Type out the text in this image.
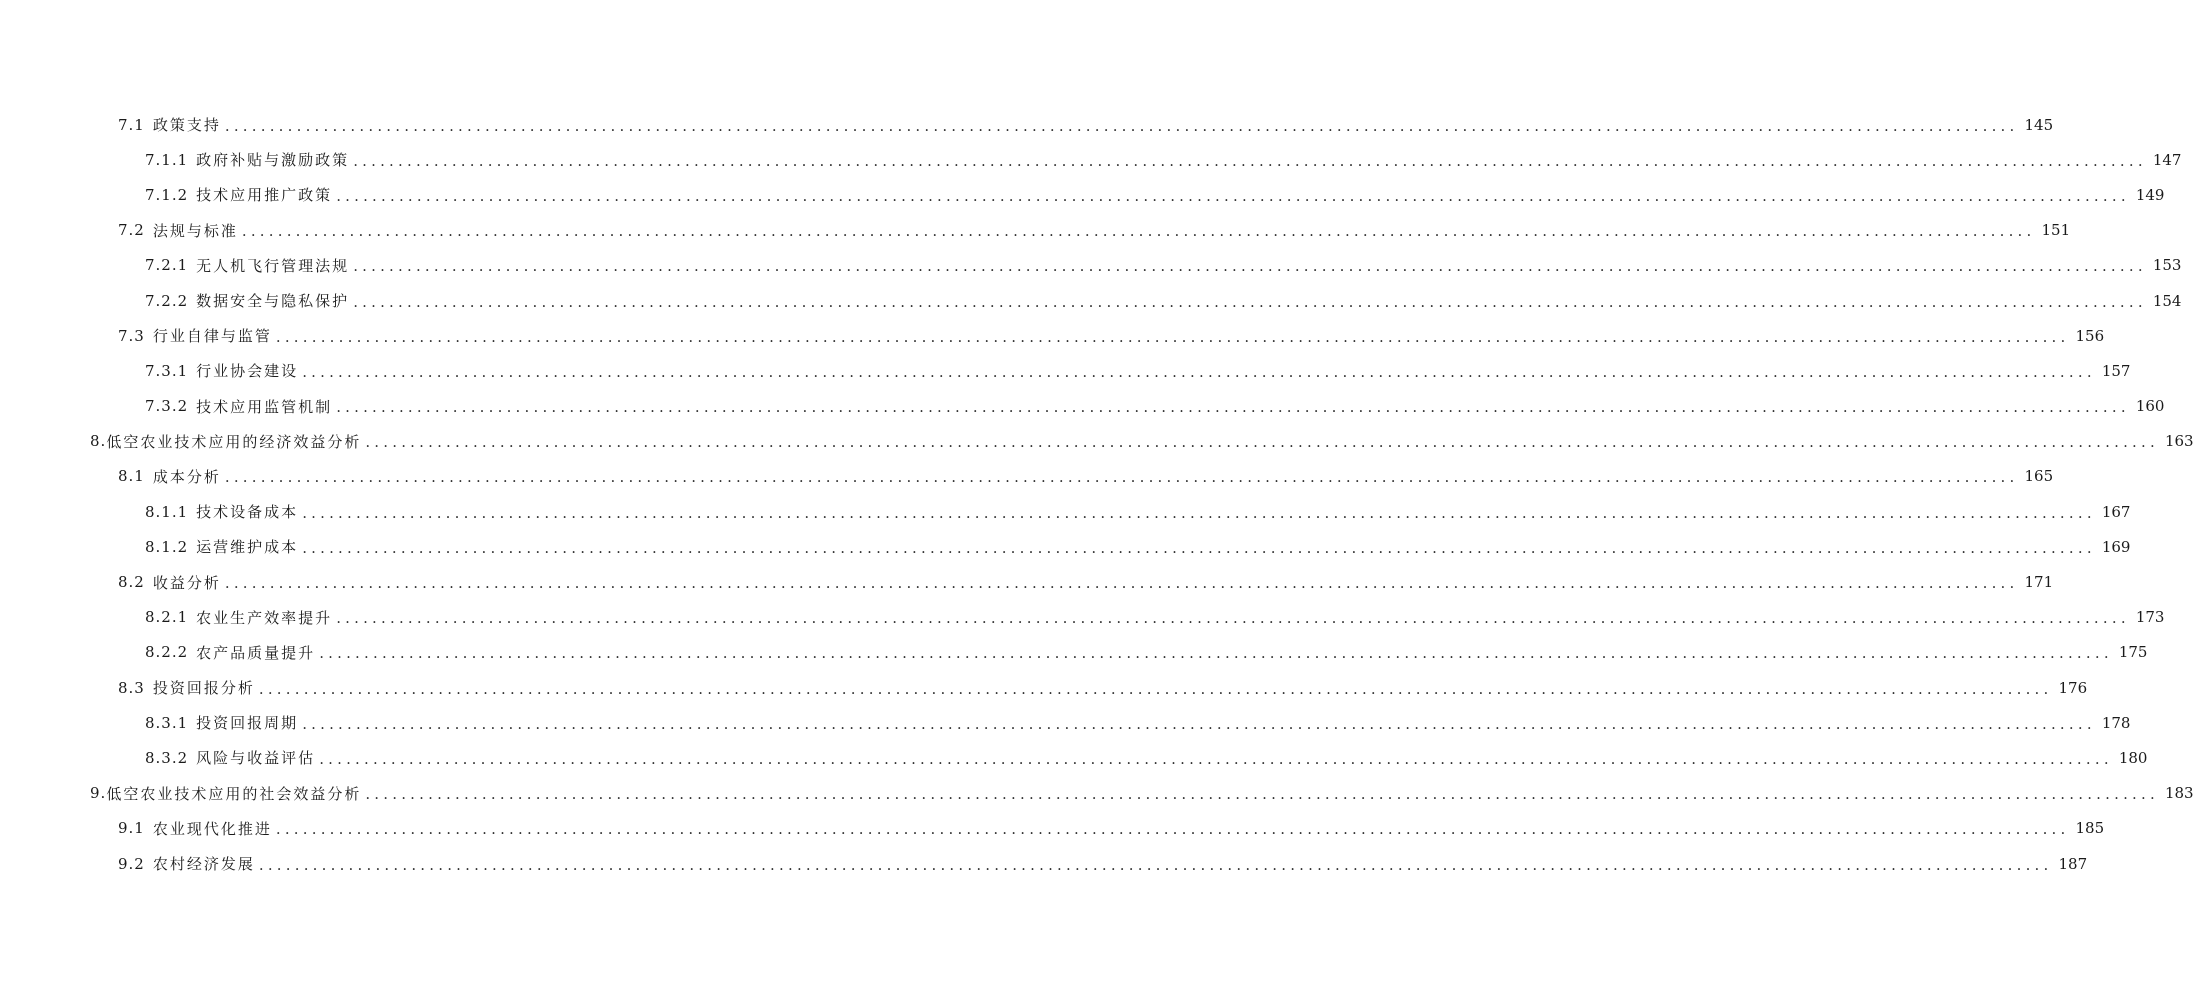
7.1 政策支持 ........................................................................................................................................................................................................ 145
7.1.1 政府补贴与激励政策 ........................................................................................................................................................................................................ 147
7.1.2 技术应用推广政策 ........................................................................................................................................................................................................ 149
7.2 法规与标准 ........................................................................................................................................................................................................ 151
7.2.1 无人机飞行管理法规 ........................................................................................................................................................................................................ 153
7.2.2 数据安全与隐私保护 ........................................................................................................................................................................................................ 154
7.3 行业自律与监管 ........................................................................................................................................................................................................ 156
7.3.1 行业协会建设 ........................................................................................................................................................................................................ 157
7.3.2 技术应用监管机制 ........................................................................................................................................................................................................ 160
8. 低空农业技术应用的经济效益分析 ........................................................................................................................................................................................................ 163
8.1 成本分析 ........................................................................................................................................................................................................ 165
8.1.1 技术设备成本 ........................................................................................................................................................................................................ 167
8.1.2 运营维护成本 ........................................................................................................................................................................................................ 169
8.2 收益分析 ........................................................................................................................................................................................................ 171
8.2.1 农业生产效率提升 ........................................................................................................................................................................................................ 173
8.2.2 农产品质量提升 ........................................................................................................................................................................................................ 175
8.3 投资回报分析 ........................................................................................................................................................................................................ 176
8.3.1 投资回报周期 ........................................................................................................................................................................................................ 178
8.3.2 风险与收益评估 ........................................................................................................................................................................................................ 180
9. 低空农业技术应用的社会效益分析 ........................................................................................................................................................................................................ 183
9.1 农业现代化推进 ........................................................................................................................................................................................................ 185
9.2 农村经济发展 ........................................................................................................................................................................................................ 187
